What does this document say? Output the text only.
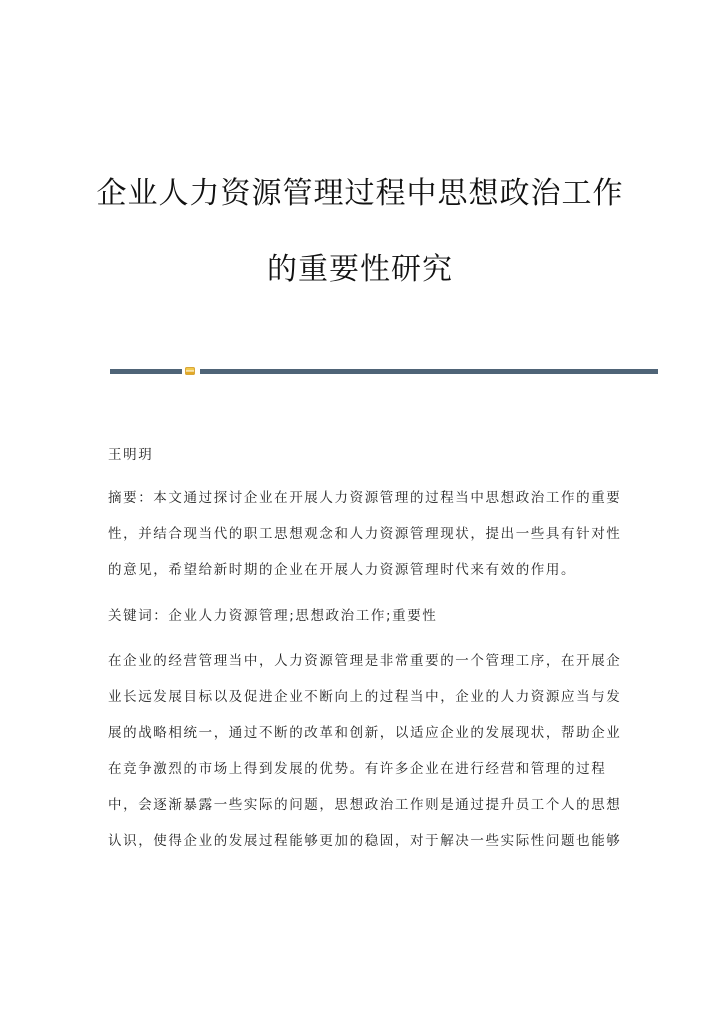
企业人力资源管理过程中思想政治工作
的重要性研究
王明玥
摘要：本文通过探讨企业在开展人力资源管理的过程当中思想政治工作的重要
性，并结合现当代的职工思想观念和人力资源管理现状，提出一些具有针对性
的意见，希望给新时期的企业在开展人力资源管理时代来有效的作用。
关键词：企业人力资源管理;思想政治工作;重要性
在企业的经营管理当中，人力资源管理是非常重要的一个管理工序，在开展企
业长远发展目标以及促进企业不断向上的过程当中，企业的人力资源应当与发
展的战略相统一，通过不断的改革和创新，以适应企业的发展现状，帮助企业
在竞争激烈的市场上得到发展的优势。有许多企业在进行经营和管理的过程
中，会逐渐暴露一些实际的问题，思想政治工作则是通过提升员工个人的思想
认识，使得企业的发展过程能够更加的稳固，对于解决一些实际性问题也能够
